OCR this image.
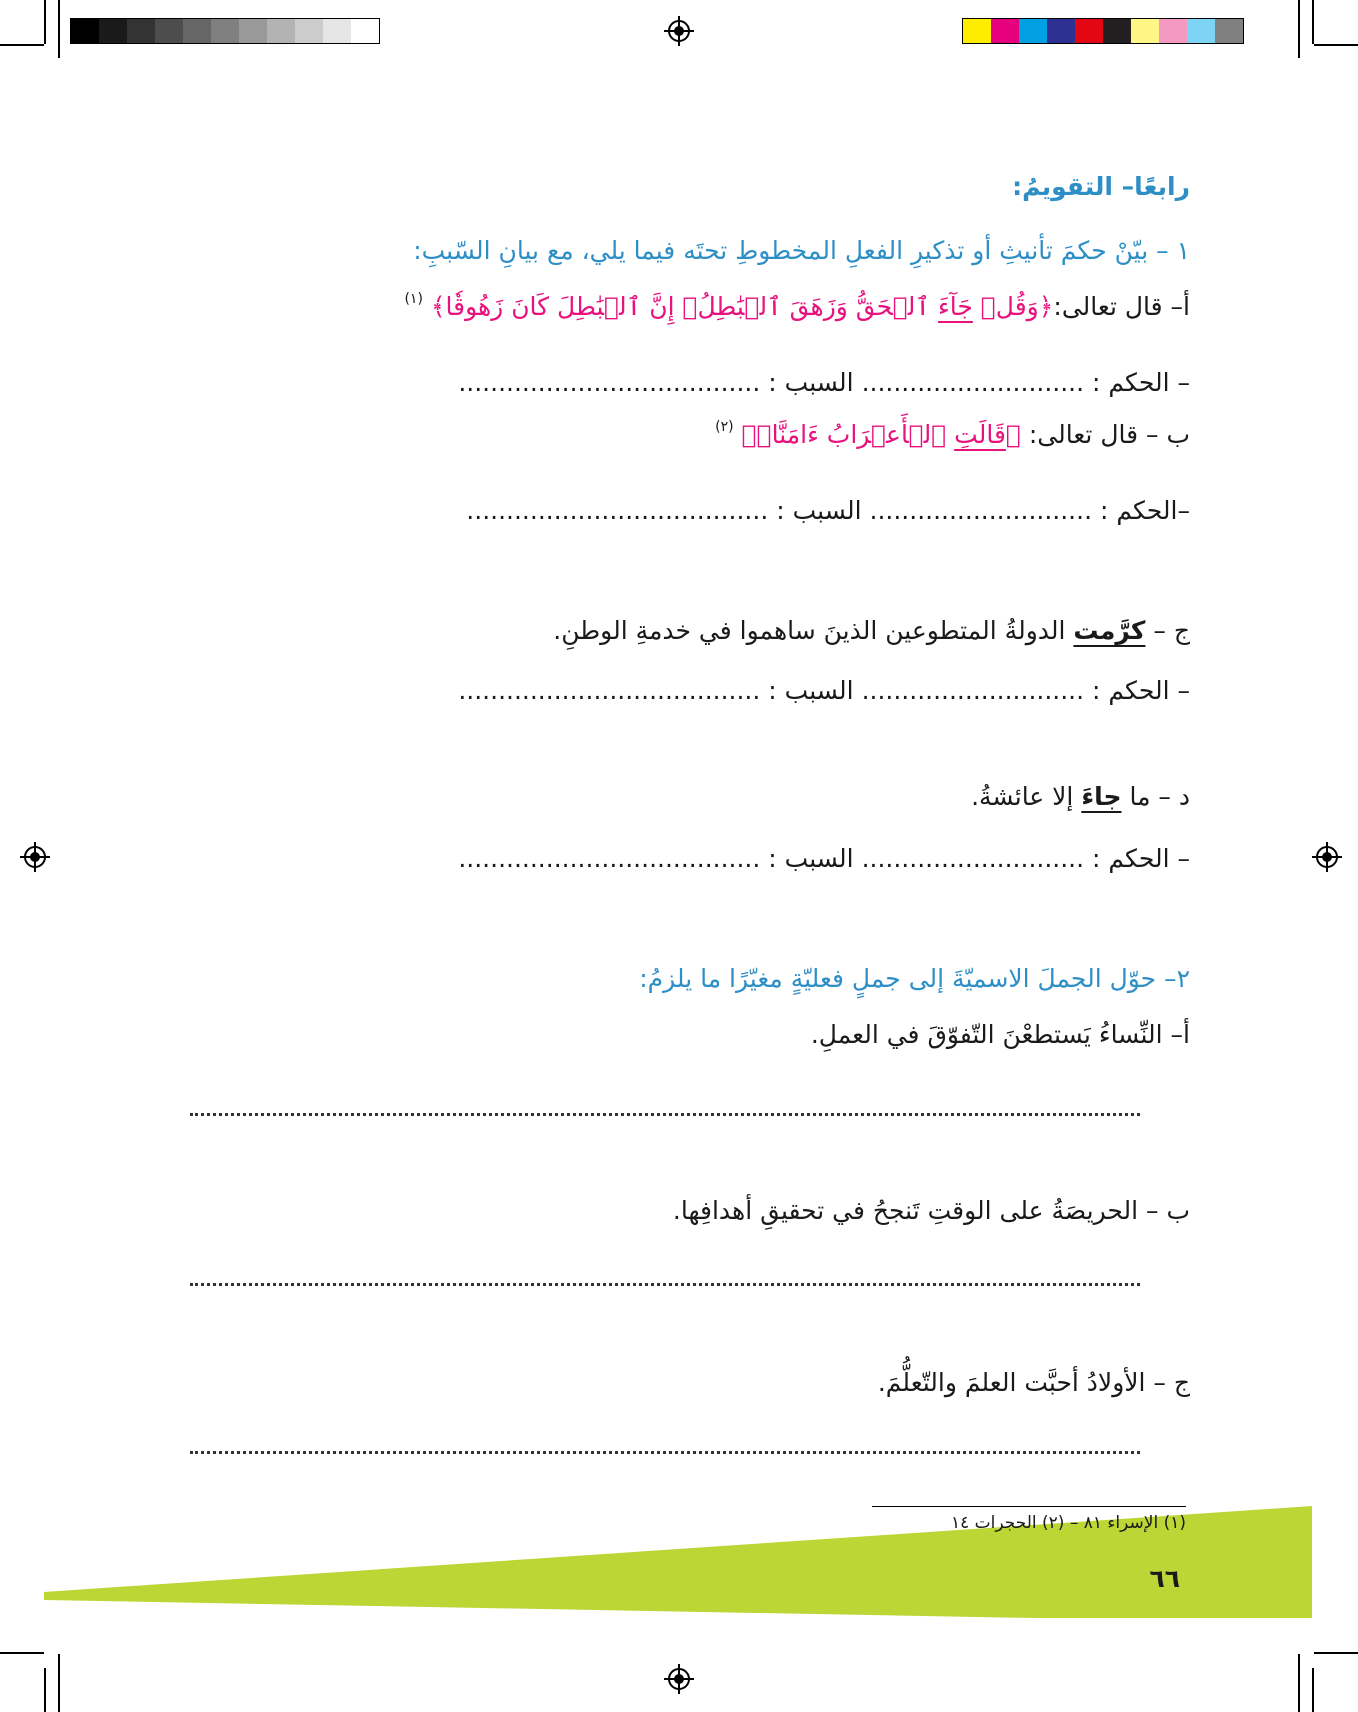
رابعًا– التقويمُ:
١ – بيّنْ حكمَ تأنيثِ أو تذكيرِ الفعلِ المخطوطِ تحتَه فيما يلي، مع بيانِ السّببِ:
أ– قال تعالى:﴿وَقُلۡ جَآءَ ٱلۡحَقُّ وَزَهَقَ ٱلۡبَٰطِلُۚ إِنَّ ٱلۡبَٰطِلَ كَانَ زَهُوقٗا﴾ $^{(١)}$
– الحكم : ............................ السبب : ......................................
ب – قال تعالى: ﴿قَالَتِ ٱلۡأَعۡرَابُ ءَامَنَّاۖ﴾ $^{(٢)}$
–الحكم : ............................ السبب : ......................................
ج – كرَّمت الدولةُ المتطوعين الذينَ ساهموا في خدمةِ الوطنِ.
– الحكم : ............................ السبب : ......................................
د – ما جاءَ إلا عائشةُ.
– الحكم : ............................ السبب : ......................................
٢– حوّل الجملَ الاسميّةَ إلى جملٍ فعليّةٍ مغيّرًا ما يلزمُ:
أ– النِّساءُ يَستطعْنَ التّفوّقَ في العملِ.
ب – الحريصَةُ على الوقتِ تَنجحُ في تحقيقِ أهدافِها.
ج – الأولادُ أحبَّت العلمَ والتّعلُّمَ.
(١) الإسراء ٨١ – (٢) الحجرات ١٤
٦٦
